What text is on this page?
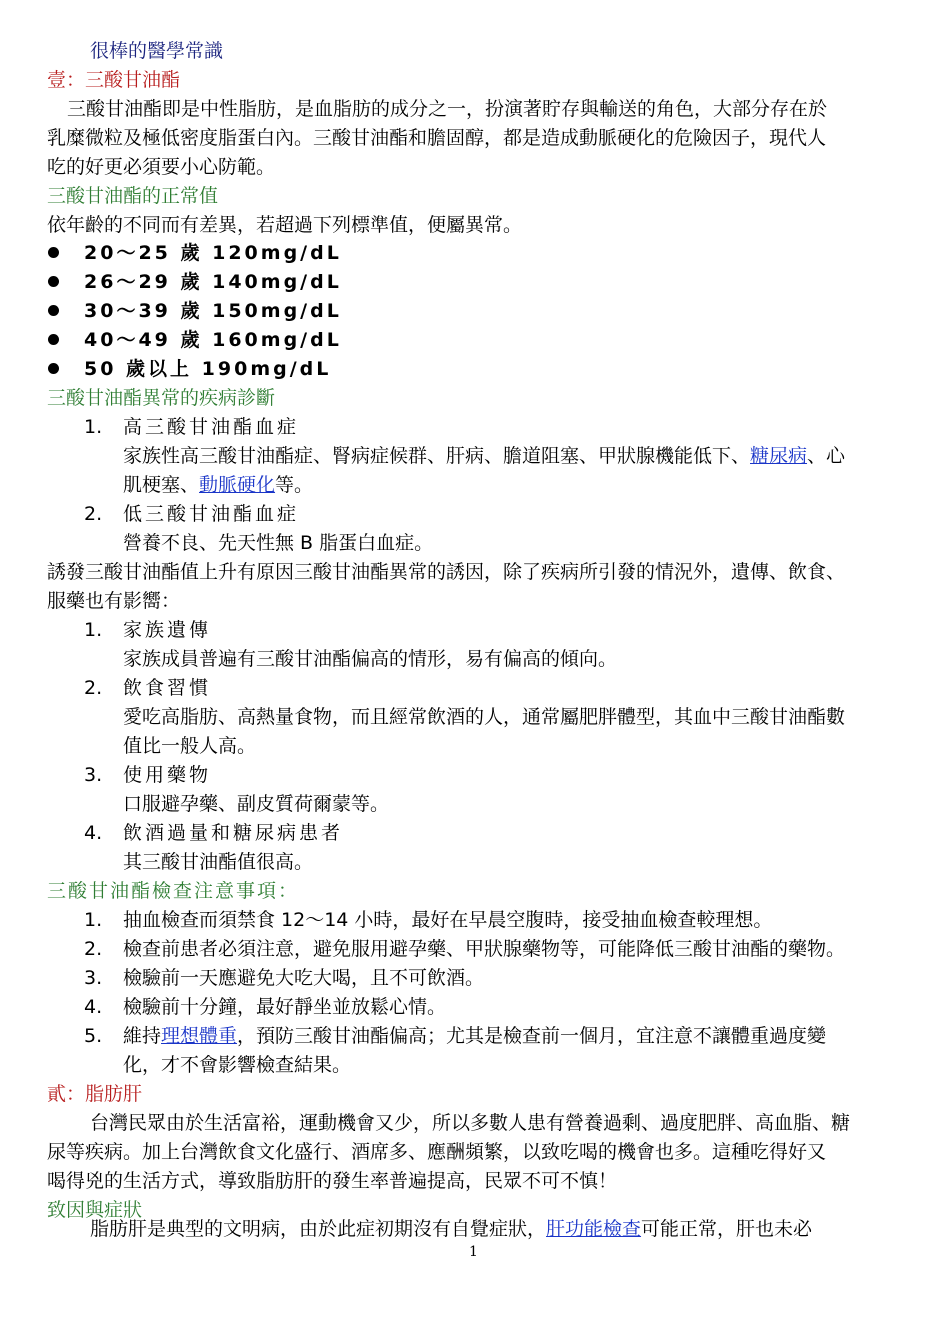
很棒的醫學常識
壹：三酸甘油酯
三酸甘油酯即是中性脂肪，是血脂肪的成分之一，扮演著貯存與輸送的角色，大部分存在於
乳糜微粒及極低密度脂蛋白內。三酸甘油酯和膽固醇，都是造成動脈硬化的危險因子，現代人
吃的好更必須要小心防範。
三酸甘油酯的正常值
依年齡的不同而有差異，若超過下列標準值，便屬異常。
20～25 歲 120mg/dL
26～29 歲 140mg/dL
30～39 歲 150mg/dL
40～49 歲 160mg/dL
50 歲以上 190mg/dL
三酸甘油酯異常的疾病診斷
1. 高三酸甘油酯血症
家族性高三酸甘油酯症、腎病症候群、肝病、膽道阻塞、甲狀腺機能低下、糖尿病、心
肌梗塞、動脈硬化等。
2. 低三酸甘油酯血症
營養不良、先天性無 B 脂蛋白血症。
誘發三酸甘油酯值上升有原因三酸甘油酯異常的誘因，除了疾病所引發的情況外，遺傳、飲食、
服藥也有影嚮：
1. 家族遺傳
家族成員普遍有三酸甘油酯偏高的情形，易有偏高的傾向。
2. 飲食習慣
愛吃高脂肪、高熱量食物，而且經常飲酒的人，通常屬肥胖體型，其血中三酸甘油酯數
值比一般人高。
3. 使用藥物
口服避孕藥、副皮質荷爾蒙等。
4. 飲酒過量和糖尿病患者
其三酸甘油酯值很高。
三酸甘油酯檢查注意事項：
1. 抽血檢查而須禁食 12～14 小時，最好在早晨空腹時，接受抽血檢查較理想。
2. 檢查前患者必須注意，避免服用避孕藥、甲狀腺藥物等，可能降低三酸甘油酯的藥物。
3. 檢驗前一天應避免大吃大喝，且不可飲酒。
4. 檢驗前十分鐘，最好靜坐並放鬆心情。
5. 維持理想體重，預防三酸甘油酯偏高；尤其是檢查前一個月，宜注意不讓體重過度變
化，才不會影響檢查結果。
貳：脂肪肝
台灣民眾由於生活富裕，運動機會又少，所以多數人患有營養過剩、過度肥胖、高血脂、糖
尿等疾病。加上台灣飲食文化盛行、酒席多、應酬頻繁，以致吃喝的機會也多。這種吃得好又
喝得兇的生活方式，導致脂肪肝的發生率普遍提高，民眾不可不慎！
致因與症狀
脂肪肝是典型的文明病，由於此症初期沒有自覺症狀，肝功能檢查可能正常，肝也未必
1
